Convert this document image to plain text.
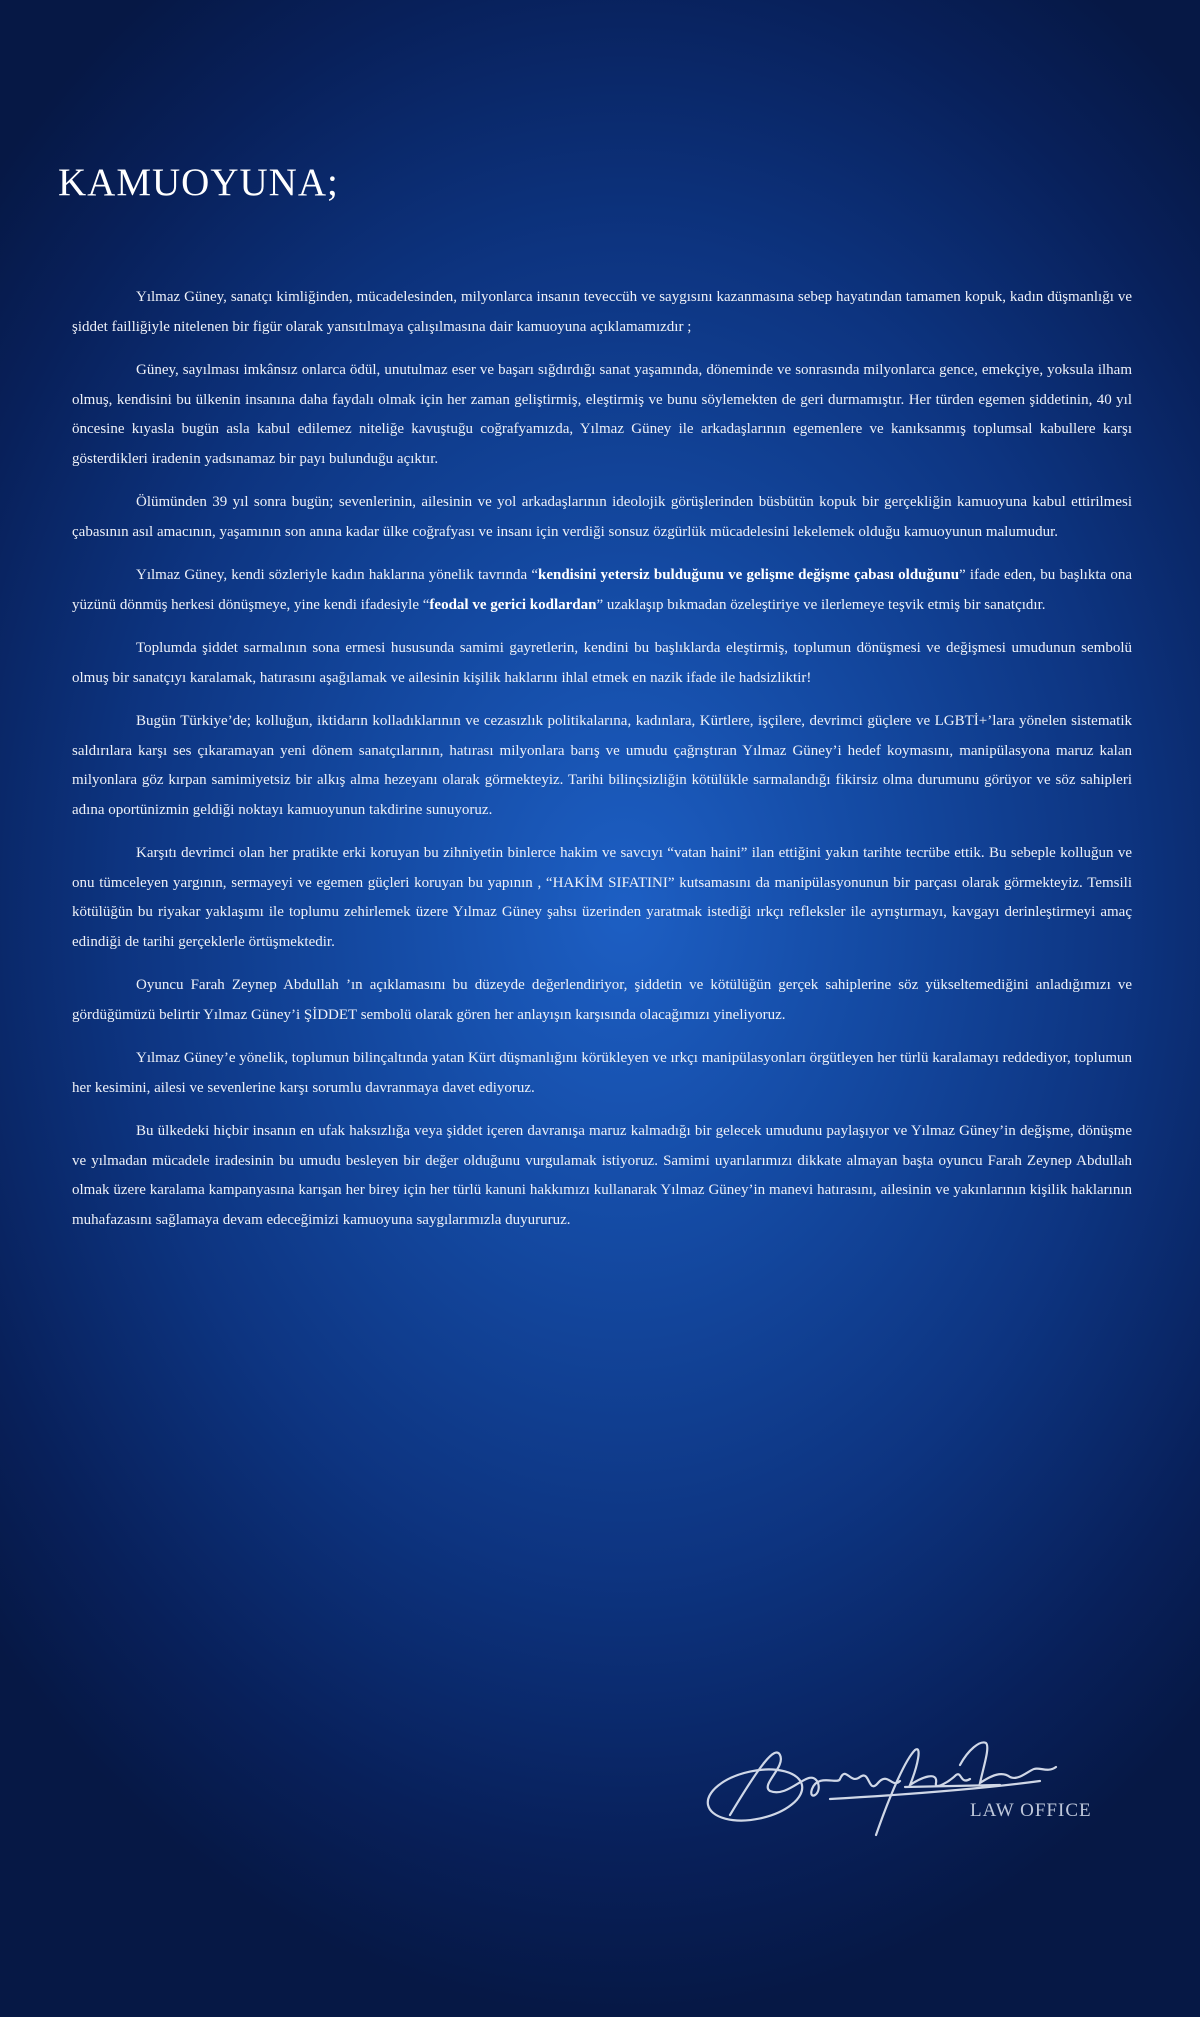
KAMUOYUNA;

Yılmaz Güney, sanatçı kimliğinden, mücadelesinden, milyonlarca insanın teveccüh ve saygısını kazanmasına sebep hayatından tamamen kopuk, kadın düşmanlığı ve şiddet failliğiyle nitelenen bir figür olarak yansıtılmaya çalışılmasına dair kamuoyuna açıklamamızdır ;

Güney, sayılması imkânsız onlarca ödül, unutulmaz eser ve başarı sığdırdığı sanat yaşamında, döneminde ve sonrasında milyonlarca gence, emekçiye, yoksula ilham olmuş, kendisini bu ülkenin insanına daha faydalı olmak için her zaman geliştirmiş, eleştirmiş ve bunu söylemekten de geri durmamıştır. Her türden egemen şiddetinin, 40 yıl öncesine kıyasla bugün asla kabul edilemez niteliğe kavuştuğu coğrafyamızda, Yılmaz Güney ile arkadaşlarının egemenlere ve kanıksanmış toplumsal kabullere karşı gösterdikleri iradenin yadsınamaz bir payı bulunduğu açıktır.

Ölümünden 39 yıl sonra bugün; sevenlerinin, ailesinin ve yol arkadaşlarının ideolojik görüşlerinden büsbütün kopuk bir gerçekliğin kamuoyuna kabul ettirilmesi çabasının asıl amacının, yaşamının son anına kadar ülke coğrafyası ve insanı için verdiği sonsuz özgürlük mücadelesini lekelemek olduğu kamuoyunun malumudur.

Yılmaz Güney, kendi sözleriyle kadın haklarına yönelik tavrında “kendisini yetersiz bulduğunu ve gelişme değişme çabası olduğunu” ifade eden, bu başlıkta ona yüzünü dönmüş herkesi dönüşmeye, yine kendi ifadesiyle “feodal ve gerici kodlardan” uzaklaşıp bıkmadan özeleştiriye ve ilerlemeye teşvik etmiş bir sanatçıdır.

Toplumda şiddet sarmalının sona ermesi hususunda samimi gayretlerin, kendini bu başlıklarda eleştirmiş, toplumun dönüşmesi ve değişmesi umudunun sembolü olmuş bir sanatçıyı karalamak, hatırasını aşağılamak ve ailesinin kişilik haklarını ihlal etmek en nazik ifade ile hadsizliktir!

Bugün Türkiye’de; kolluğun, iktidarın kolladıklarının ve cezasızlık politikalarına, kadınlara, Kürtlere, işçilere, devrimci güçlere ve LGBTİ+’lara yönelen sistematik saldırılara karşı ses çıkaramayan yeni dönem sanatçılarının, hatırası milyonlara barış ve umudu çağrıştıran Yılmaz Güney’i hedef koymasını, manipülasyona maruz kalan milyonlara göz kırpan samimiyetsiz bir alkış alma hezeyanı olarak görmekteyiz. Tarihi bilinçsizliğin kötülükle sarmalandığı fikirsiz olma durumunu görüyor ve söz sahipleri adına oportünizmin geldiği noktayı kamuoyunun takdirine sunuyoruz.

Karşıtı devrimci olan her pratikte erki koruyan bu zihniyetin binlerce hakim ve savcıyı “vatan haini” ilan ettiğini yakın tarihte tecrübe ettik. Bu sebeple kolluğun ve onu tümceleyen yargının, sermayeyi ve egemen güçleri koruyan bu yapının , “HAKİM SIFATINI” kutsamasını da manipülasyonunun bir parçası olarak görmekteyiz. Temsili kötülüğün bu riyakar yaklaşımı ile toplumu zehirlemek üzere Yılmaz Güney şahsı üzerinden yaratmak istediği ırkçı refleksler ile ayrıştırmayı, kavgayı derinleştirmeyi amaç edindiği de tarihi gerçeklerle örtüşmektedir.

Oyuncu Farah Zeynep Abdullah ’ın açıklamasını bu düzeyde değerlendiriyor, şiddetin ve kötülüğün gerçek sahiplerine söz yükseltemediğini anladığımızı ve gördüğümüzü belirtir Yılmaz Güney’i ŞİDDET sembolü olarak gören her anlayışın karşısında olacağımızı yineliyoruz.

Yılmaz Güney’e yönelik, toplumun bilinçaltında yatan Kürt düşmanlığını körükleyen ve ırkçı manipülasyonları örgütleyen her türlü karalamayı reddediyor, toplumun her kesimini, ailesi ve sevenlerine karşı sorumlu davranmaya davet ediyoruz.

Bu ülkedeki hiçbir insanın en ufak haksızlığa veya şiddet içeren davranışa maruz kalmadığı bir gelecek umudunu paylaşıyor ve Yılmaz Güney’in değişme, dönüşme ve yılmadan mücadele iradesinin bu umudu besleyen bir değer olduğunu vurgulamak istiyoruz. Samimi uyarılarımızı dikkate almayan başta oyuncu Farah Zeynep Abdullah olmak üzere karalama kampanyasına karışan her birey için her türlü kanuni hakkımızı kullanarak Yılmaz Güney’in manevi hatırasını, ailesinin ve yakınlarının kişilik haklarının muhafazasını sağlamaya devam edeceğimizi kamuoyuna saygılarımızla duyururuz.

LAW OFFICE
